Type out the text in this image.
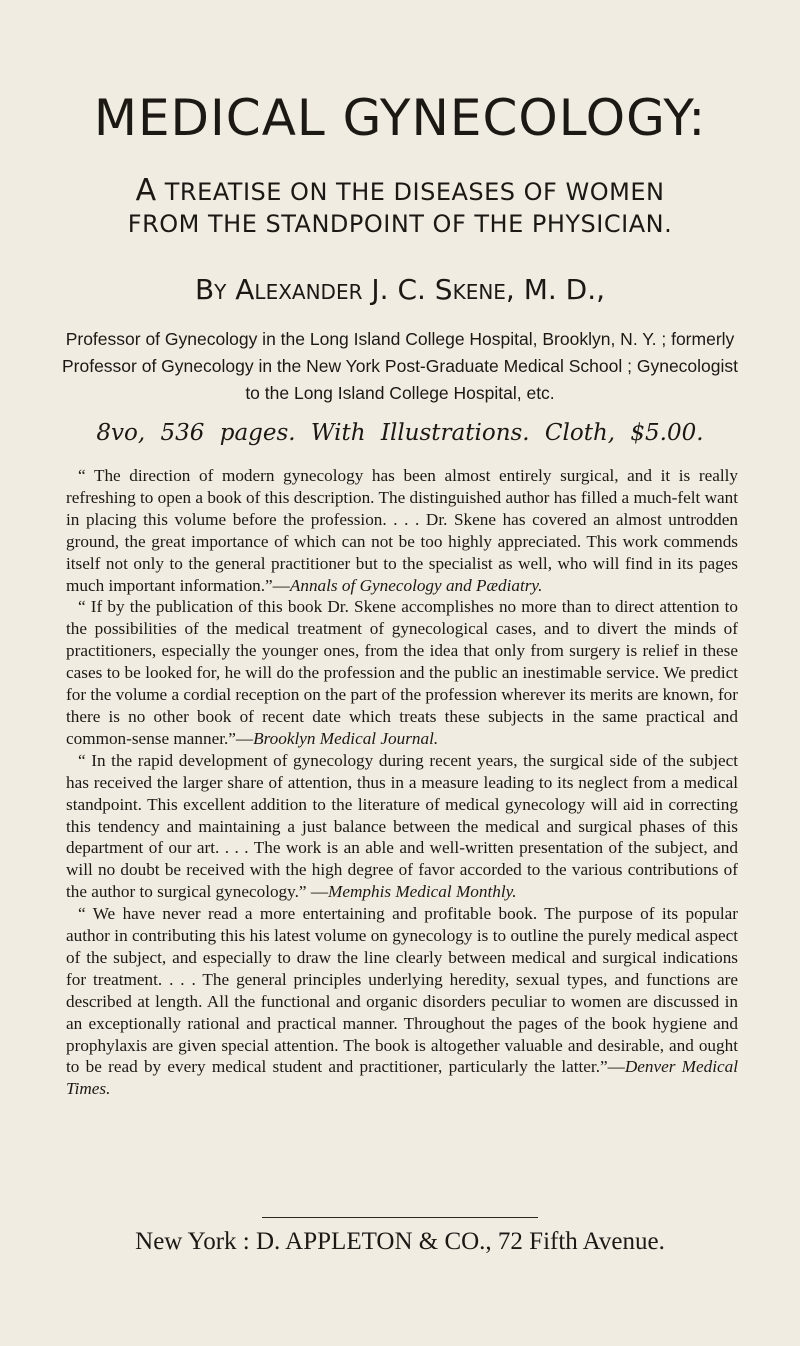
MEDICAL GYNECOLOGY:
A TREATISE ON THE DISEASES OF WOMEN
FROM THE STANDPOINT OF THE PHYSICIAN.
By Alexander J. C. Skene, M. D.,
Professor of Gynecology in the Long Island College Hospital, Brooklyn, N. Y. ; formerly Professor of Gynecology in the New York Post-Graduate Medical School ; Gynecologist to the Long Island College Hospital, etc.
8vo, 536 pages. With Illustrations. Cloth, $5.00.

“ The direction of modern gynecology has been almost entirely surgical, and it is really refreshing to open a book of this description. The distinguished author has filled a much-felt want in placing this volume before the profession. . . . Dr. Skene has covered an almost untrodden ground, the great importance of which can not be too highly appreciated. This work commends itself not only to the general practitioner but to the specialist as well, who will find in its pages much important information.”—Annals of Gynecology and Pædiatry.

“ If by the publication of this book Dr. Skene accomplishes no more than to direct attention to the possibilities of the medical treatment of gynecological cases, and to divert the minds of practitioners, especially the younger ones, from the idea that only from surgery is relief in these cases to be looked for, he will do the profession and the public an inestimable service. We predict for the volume a cordial reception on the part of the profession wherever its merits are known, for there is no other book of recent date which treats these subjects in the same practical and common-sense manner.”—Brooklyn Medical Journal.

“ In the rapid development of gynecology during recent years, the surgical side of the subject has received the larger share of attention, thus in a measure leading to its neglect from a medical standpoint. This excellent addition to the literature of medical gynecology will aid in correcting this tendency and maintaining a just balance between the medical and surgical phases of this department of our art. . . . The work is an able and well-written presentation of the subject, and will no doubt be received with the high degree of favor accorded to the various contributions of the author to surgical gynecology.” —Memphis Medical Monthly.

“ We have never read a more entertaining and profitable book. The purpose of its popular author in contributing this his latest volume on gynecology is to outline the purely medical aspect of the subject, and especially to draw the line clearly between medical and surgical indications for treatment. . . . The general principles underlying heredity, sexual types, and functions are described at length. All the functional and organic disorders peculiar to women are discussed in an exceptionally rational and practical manner. Throughout the pages of the book hygiene and prophylaxis are given special attention. The book is altogether valuable and desirable, and ought to be read by every medical student and practitioner, particularly the latter.”—Denver Medical Times.

New York : D. APPLETON & CO., 72 Fifth Avenue.
